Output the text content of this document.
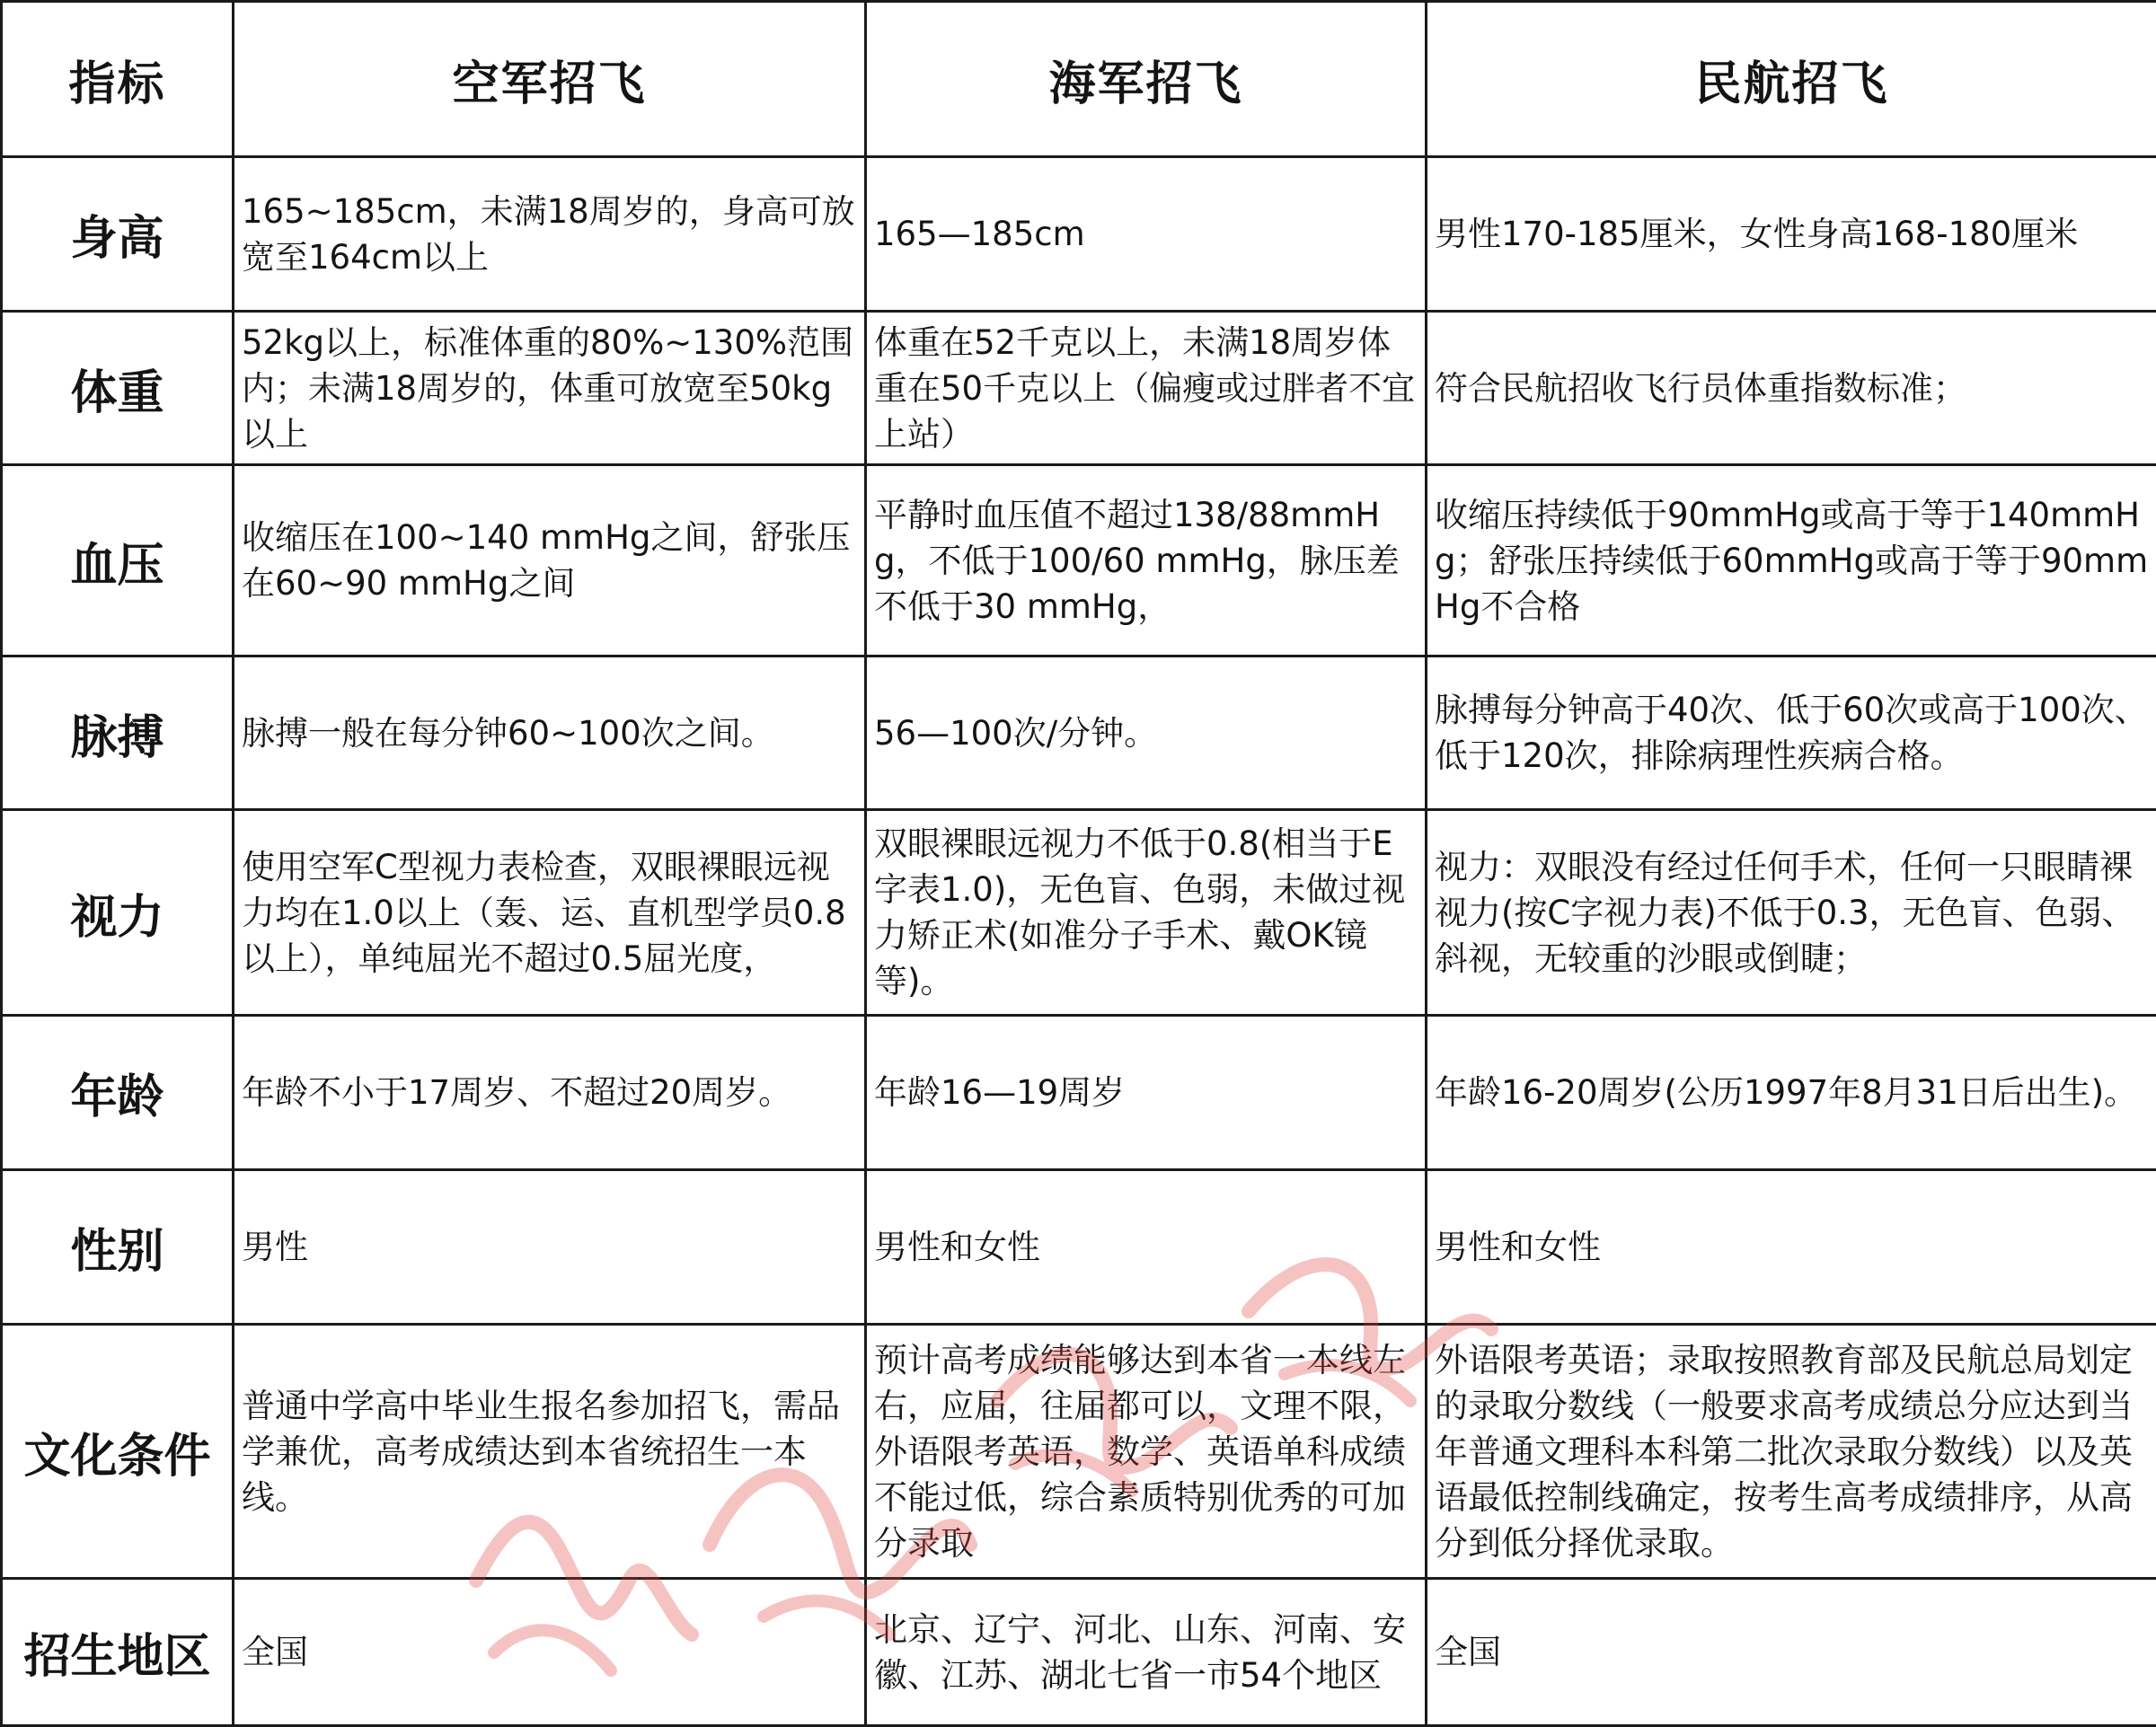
指标	空军招飞	海军招飞	民航招飞
身高	165~185cm，未满18周岁的，身高可放宽至164cm以上	165—185cm	男性170-185厘米，女性身高168-180厘米
体重	52kg以上，标准体重的80%~130%范围内；未满18周岁的，体重可放宽至50kg以上	体重在52千克以上，未满18周岁体重在50千克以上（偏瘦或过胖者不宜上站）	符合民航招收飞行员体重指数标准；
血压	收缩压在100~140 mmHg之间，舒张压在60~90 mmHg之间	平静时血压值不超过138/88mmHg，不低于100/60 mmHg，脉压差不低于30 mmHg，	收缩压持续低于90mmHg或高于等于140mmHg；舒张压持续低于60mmHg或高于等于90mmHg不合格
脉搏	脉搏一般在每分钟60~100次之间。	56—100次/分钟。	脉搏每分钟高于40次、低于60次或高于100次、低于120次，排除病理性疾病合格。
视力	使用空军C型视力表检查，双眼裸眼远视力均在1.0以上（轰、运、直机型学员0.8以上），单纯屈光不超过0.5屈光度，	双眼裸眼远视力不低于0.8(相当于E字表1.0)，无色盲、色弱，未做过视力矫正术(如准分子手术、戴OK镜等)。	视力：双眼没有经过任何手术，任何一只眼睛裸视力(按C字视力表)不低于0.3，无色盲、色弱、斜视，无较重的沙眼或倒睫；
年龄	年龄不小于17周岁、不超过20周岁。	年龄16—19周岁	年龄16-20周岁(公历1997年8月31日后出生)。
性别	男性	男性和女性	男性和女性
文化条件	普通中学高中毕业生报名参加招飞，需品学兼优，高考成绩达到本省统招生一本线。	预计高考成绩能够达到本省一本线左右，应届，往届都可以，文理不限，外语限考英语，数学、英语单科成绩不能过低，综合素质特别优秀的可加分录取	外语限考英语；录取按照教育部及民航总局划定的录取分数线（一般要求高考成绩总分应达到当年普通文理科本科第二批次录取分数线）以及英语最低控制线确定，按考生高考成绩排序，从高分到低分择优录取。
招生地区	全国	北京、辽宁、河北、山东、河南、安徽、江苏、湖北七省一市54个地区	全国
